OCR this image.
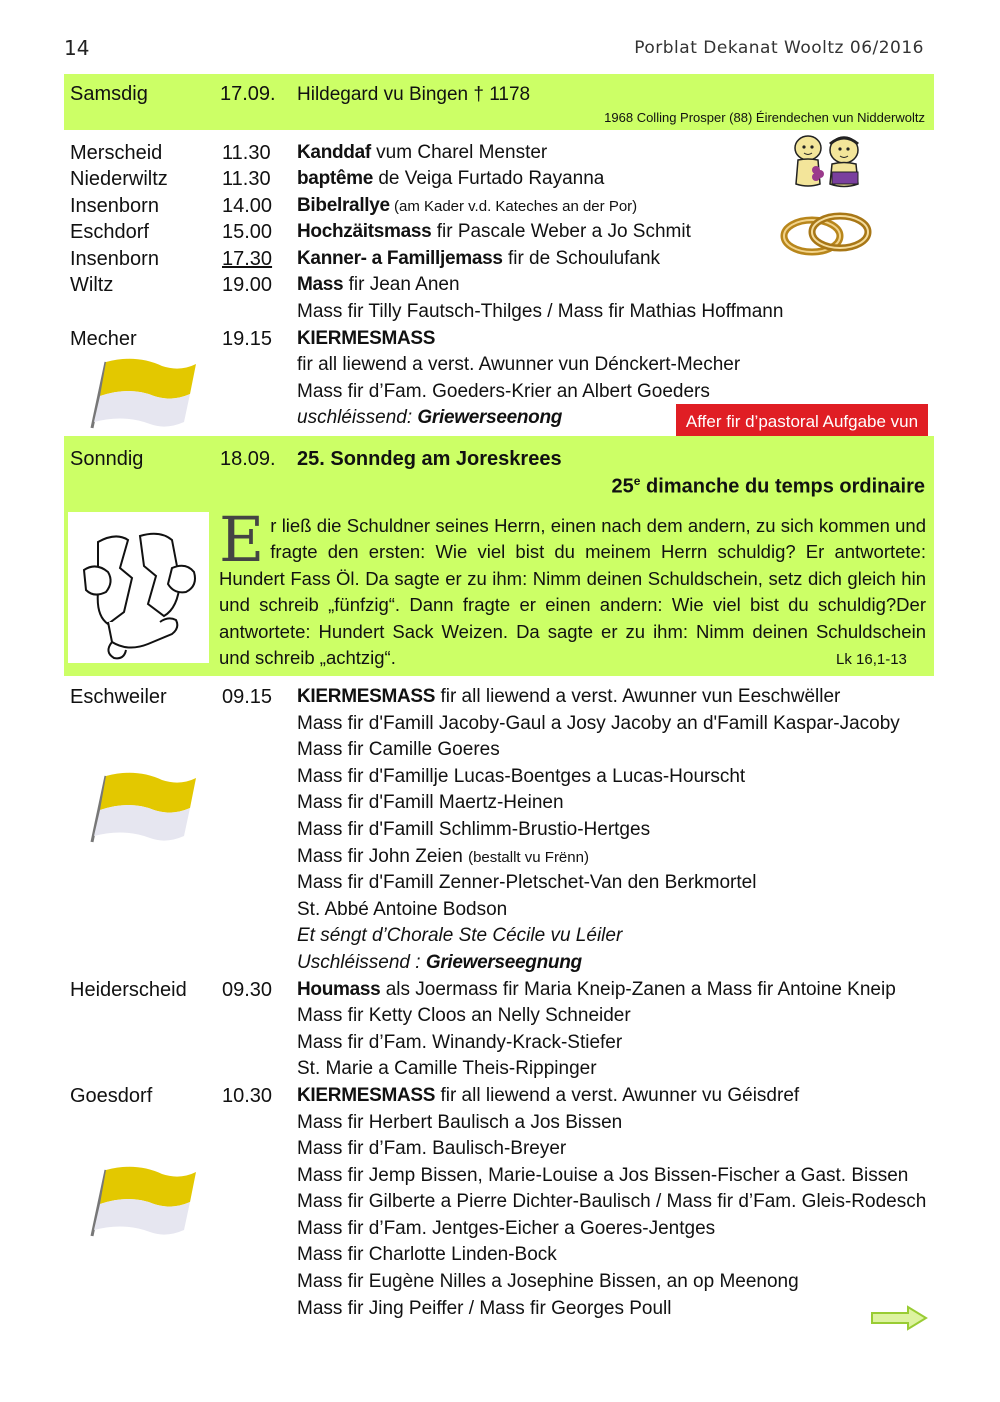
14	Porblat Dekanat Wooltz 06/2016
Samsdig	17.09. Hildegard vu Bingen † 1178
1968 Colling Prosper (88) Éirendechen vun Nidderwoltz
Merscheid	11.30 Kanddaf vum Charel Menster
Niederwiltz	11.30 baptême de Veiga Furtado Rayanna
Insenborn	14.00 Bibelrallye (am Kader v.d. Kateches an der Por)
Eschdorf	15.00 Hochzäitsmass fir Pascale Weber a Jo Schmit
Insenborn	17.30 Kanner- a Familljemass fir de Schoulufank
Wiltz	19.00 Mass fir Jean Anen
Mass fir Tilly Fautsch-Thilges / Mass fir Mathias Hoffmann
Mecher	19.15 KIERMESMASS
fir all liewend a verst. Awunner vun Dénckert-Mecher
Mass fir d’Fam. Goeders-Krier an Albert Goeders
uschléissend: Griewerseenong	Affer fir d’pastoral Aufgabe vun
Sonndig	18.09. 25. Sonndeg am Joreskrees
25e dimanche du temps ordinaire
Er ließ die Schuldner seines Herrn, einen nach dem andern, zu sich kommen und fragte den ersten: Wie viel bist du meinem Herrn schuldig? Er antwortete: Hundert Fass Öl. Da sagte er zu ihm: Nimm deinen Schuldschein, setz dich gleich hin und schreib „fünfzig“. Dann fragte er einen andern: Wie viel bist du schuldig?Der antwortete: Hundert Sack Weizen. Da sagte er zu ihm: Nimm deinen Schuldschein und schreib „achtzig“.	Lk 16,1-13
Eschweiler	09.15 KIERMESMASS fir all liewend a verst. Awunner vun Eeschwëller
Mass fir d'Famill Jacoby-Gaul a Josy Jacoby an d'Famill Kaspar-Jacoby
Mass fir Camille Goeres
Mass fir d'Famillje Lucas-Boentges a Lucas-Hourscht
Mass fir d'Famill Maertz-Heinen
Mass fir d'Famill Schlimm-Brustio-Hertges
Mass fir John Zeien (bestallt vu Frënn)
Mass fir d'Famill Zenner-Pletschet-Van den Berkmortel
St. Abbé Antoine Bodson
Et séngt d’Chorale Ste Cécile vu Léiler
Uschléissend : Griewerseegnung
Heiderscheid 09.30 Houmass als Joermass fir Maria Kneip-Zanen a Mass fir Antoine Kneip
Mass fir Ketty Cloos an Nelly Schneider
Mass fir d’Fam. Winandy-Krack-Stiefer
St. Marie a Camille Theis-Rippinger
Goesdorf	10.30 KIERMESMASS fir all liewend a verst. Awunner vu Géisdref
Mass fir Herbert Baulisch a Jos Bissen
Mass fir d’Fam. Baulisch-Breyer
Mass fir Jemp Bissen, Marie-Louise a Jos Bissen-Fischer a Gast. Bissen
Mass fir Gilberte a Pierre Dichter-Baulisch / Mass fir d’Fam. Gleis-Rodesch
Mass fir d’Fam. Jentges-Eicher a Goeres-Jentges
Mass fir Charlotte Linden-Bock
Mass fir Eugène Nilles a Josephine Bissen, an op Meenong
Mass fir Jing Peiffer / Mass fir Georges Poull
